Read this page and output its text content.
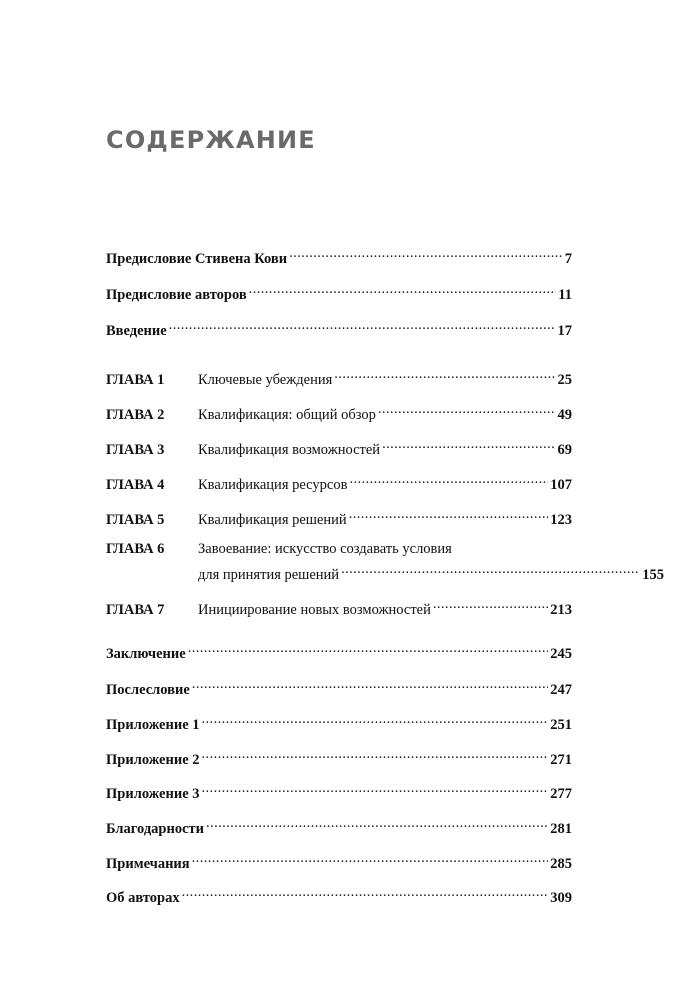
СОДЕРЖАНИЕ
Предисловие Стивена Кови .....	7
Предисловие авторов .....	11
Введение .....	17
ГЛАВА 1	Ключевые убеждения .....	25
ГЛАВА 2	Квалификация: общий обзор .....	49
ГЛАВА 3	Квалификация возможностей .....	69
ГЛАВА 4	Квалификация ресурсов .....	107
ГЛАВА 5	Квалификация решений .....	123
ГЛАВА 6	Завоевание: искусство создавать условия
для принятия решений .....	155
ГЛАВА 7	Инициирование новых возможностей .....	213
Заключение .....	245
Послесловие .....	247
Приложение 1 .....	251
Приложение 2 .....	271
Приложение 3 .....	277
Благодарности .....	281
Примечания .....	285
Об авторах .....	309
